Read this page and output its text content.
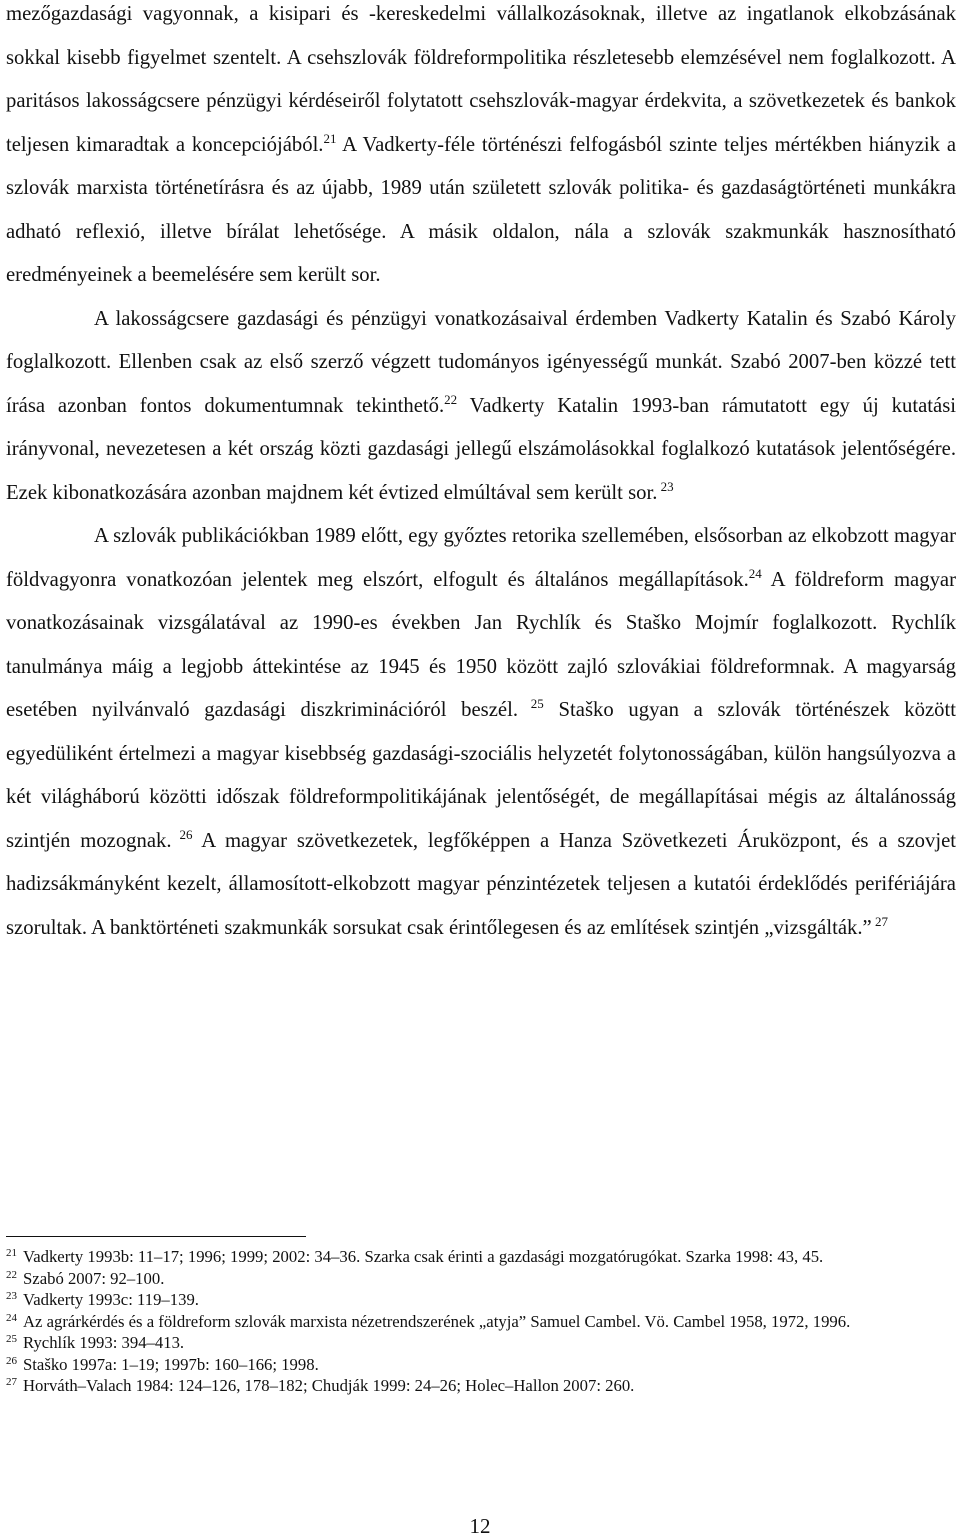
mezőgazdasági vagyonnak, a kisipari és -kereskedelmi vállalkozásoknak, illetve az ingatlanok elkobzásának sokkal kisebb figyelmet szentelt. A csehszlovák földreformpolitika részletesebb elemzésével nem foglalkozott. A paritásos lakosságcsere pénzügyi kérdéseiről folytatott csehszlovák-magyar érdekvita, a szövetkezetek és bankok teljesen kimaradtak a koncepciójából.$^{21}$ A Vadkerty-féle történészi felfogásból szinte teljes mértékben hiányzik a szlovák marxista történetírásra és az újabb, 1989 után született szlovák politika- és gazdaságtörténeti munkákra adható reflexió, illetve bírálat lehetősége. A másik oldalon, nála a szlovák szakmunkák hasznosítható eredményeinek a beemelésére sem került sor.

A lakosságcsere gazdasági és pénzügyi vonatkozásaival érdemben Vadkerty Katalin és Szabó Károly foglalkozott. Ellenben csak az első szerző végzett tudományos igényességű munkát. Szabó 2007-ben közzé tett írása azonban fontos dokumentumnak tekinthető.$^{22}$ Vadkerty Katalin 1993-ban rámutatott egy új kutatási irányvonal, nevezetesen a két ország közti gazdasági jellegű elszámolásokkal foglalkozó kutatások jelentőségére. Ezek kibonatkozására azonban majdnem két évtized elmúltával sem került sor. $^{23}$

A szlovák publikációkban 1989 előtt, egy győztes retorika szellemében, elsősorban az elkobzott magyar földvagyonra vonatkozóan jelentek meg elszórt, elfogult és általános megállapítások.$^{24}$ A földreform magyar vonatkozásainak vizsgálatával az 1990-es években Jan Rychlík és Staško Mojmír foglalkozott. Rychlík tanulmánya máig a legjobb áttekintése az 1945 és 1950 között zajló szlovákiai földreformnak. A magyarság esetében nyilvánvaló gazdasági diszkriminációról beszél. $^{25}$ Staško ugyan a szlovák történészek között egyedüliként értelmezi a magyar kisebbség gazdasági-szociális helyzetét folytonosságában, külön hangsúlyozva a két világháború közötti időszak földreformpolitikájának jelentőségét, de megállapításai mégis az általánosság szintjén mozognak. $^{26}$ A magyar szövetkezetek, legfőképpen a Hanza Szövetkezeti Áruközpont, és a szovjet hadizsákmányként kezelt, államosított-elkobzott magyar pénzintézetek teljesen a kutatói érdeklődés perifériájára szorultak. A banktörténeti szakmunkák sorsukat csak érintőlegesen és az említések szintjén „vizsgálták.” $^{27}$

$^{21}$ Vadkerty 1993b: 11–17; 1996; 1999; 2002: 34–36. Szarka csak érinti a gazdasági mozgatórugókat. Szarka 1998: 43, 45.

$^{22}$ Szabó 2007: 92–100.

$^{23}$ Vadkerty 1993c: 119–139.

$^{24}$ Az agrárkérdés és a földreform szlovák marxista nézetrendszerének „atyja” Samuel Cambel. Vö. Cambel 1958, 1972, 1996.

$^{25}$ Rychlík 1993: 394–413.

$^{26}$ Staško 1997a: 1–19; 1997b: 160–166; 1998.

$^{27}$ Horváth–Valach 1984: 124–126, 178–182; Chudják 1999: 24–26; Holec–Hallon 2007: 260.

12
